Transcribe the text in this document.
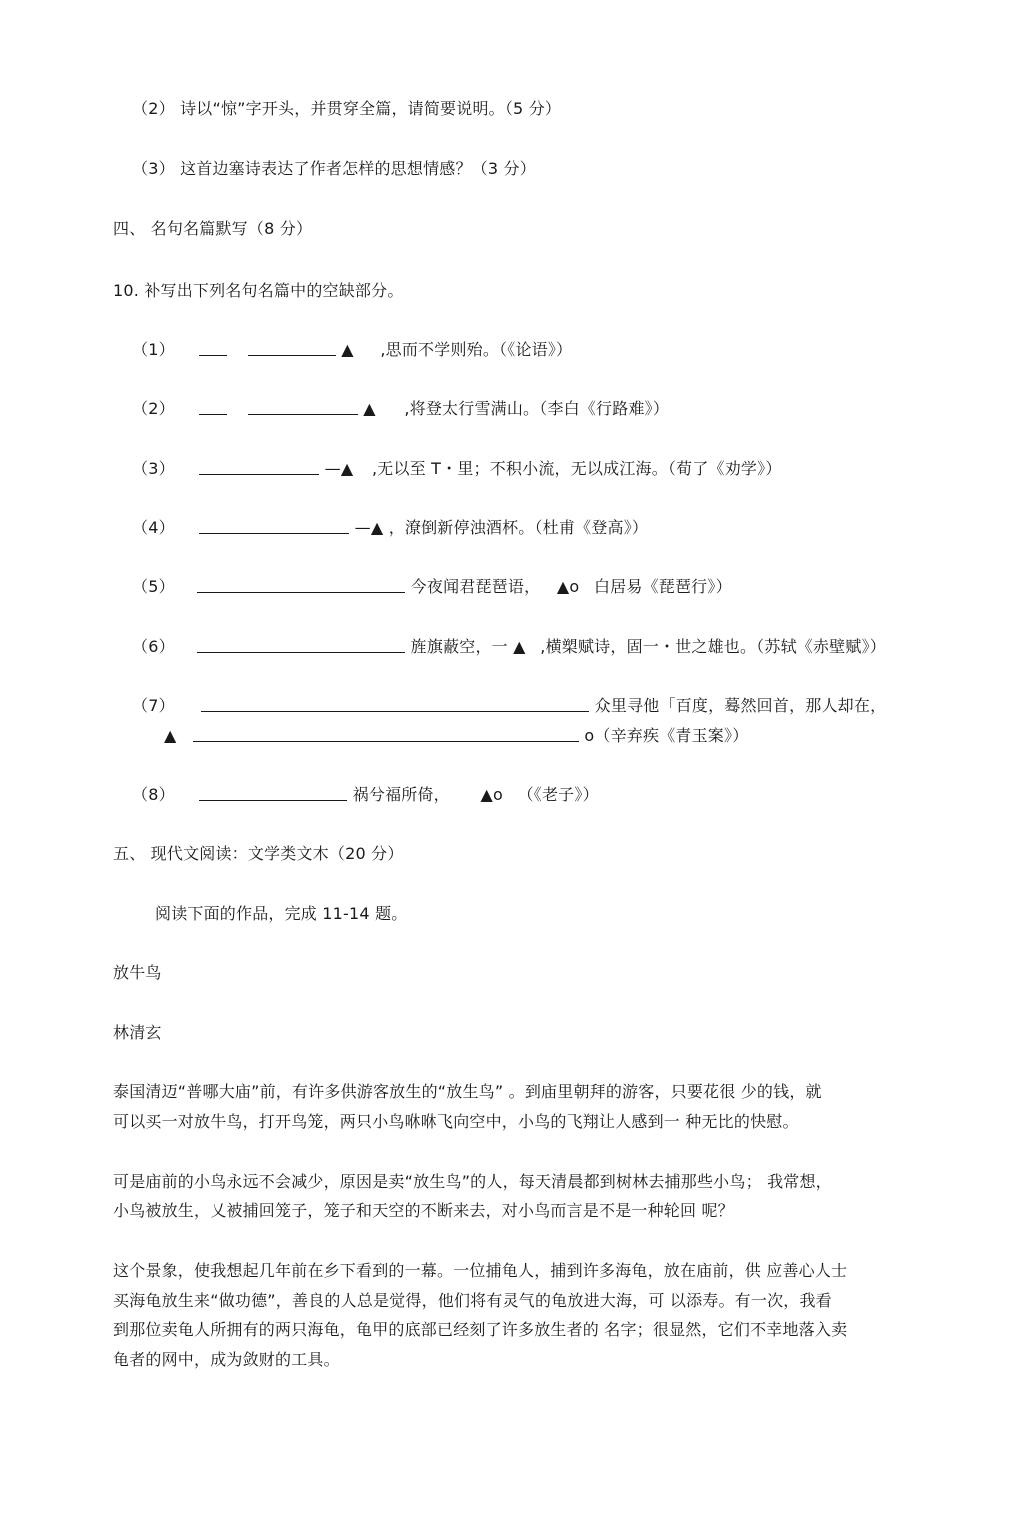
（2） 诗以“惊”字开头，并贯穿全篇，请简要说明。（5 分）
（3） 这首边塞诗表达了作者怎样的思想情感？（3 分）
四、 名句名篇默写（8 分）
10. 补写出下列名句名篇中的空缺部分。
（1）	▲ ,思而不学则殆。（《论语》）
（2）	▲ ,将登太行雪满山。（李白《行路难》）
（3）	—▲ ,无以至 T・里；不积小流，无以成江海。（荀了《劝学》）
（4）	—▲ ，潦倒新停浊酒杯。（杜甫《登高》）
（5）	今夜闻君琵琶语， ▲o 白居易《琵琶行》）
（6）	旌旗蔽空，一 ▲ ,横槊赋诗，固一・世之雄也。（苏轼《赤壁赋》）
（7）	众里寻他「百度，蓦然回首，那人却在，
▲	o（辛弃疾《青玉案》）
（8）	祸兮福所倚， ▲o （《老子》）
五、 现代文阅读：文学类文木（20 分）
阅读下面的作品，完成 11-14 题。
放牛鸟
林清玄
泰国清迈“普哪大庙”前，有许多供游客放生的“放生鸟” 。到庙里朝拜的游客，只要花很 少的钱，就
可以买一对放牛鸟，打开鸟笼，两只小鸟咻咻飞向空中，小鸟的飞翔让人感到一 种无比的快慰。
可是庙前的小鸟永远不会减少，原因是卖“放生鸟”的人，每天清晨都到树林去捕那些小鸟； 我常想，
小鸟被放生，乂被捕回笼子，笼子和天空的不断来去，对小鸟而言是不是一种轮回 呢？
这个景象，使我想起几年前在乡下看到的一幕。一位捕龟人，捕到许多海龟，放在庙前，供 应善心人士
买海龟放生来“做功德”，善良的人总是觉得，他们将有灵气的龟放进大海，可 以添寿。有一次，我看
到那位卖龟人所拥有的两只海龟，龟甲的底部已经刻了许多放生者的 名字；很显然，它们不幸地落入卖
龟者的网中，成为敛财的工具。
